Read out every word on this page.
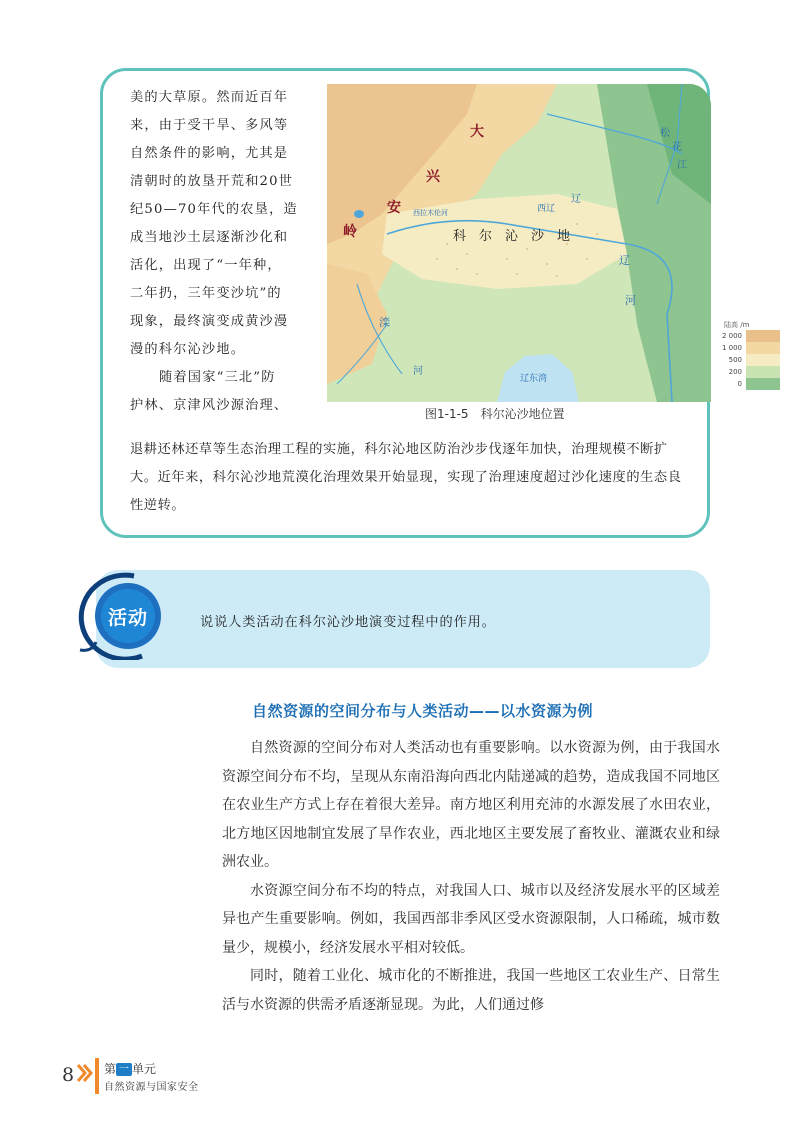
大
兴
安
岭	科　尔　沁　沙　地
西拉木伦河	西辽
辽东湾
松
花
江
辽
辽
河
滦
河
陆高 /m
2 000
1 000
500
200
0
图1-1-5　科尔沁沙地位置

美的大草原。然而近百年

来，由于受干旱、多风等

自然条件的影响，尤其是

清朝时的放垦开荒和20世

纪50—70年代的农垦，造

成当地沙土层逐渐沙化和

活化，出现了“一年种，

二年扔，三年变沙坑”的

现象，最终演变成黄沙漫

漫的科尔沁沙地。

随着国家“三北”防

护林、京津风沙源治理、

退耕还林还草等生态治理工程的实施，科尔沁地区防治沙步伐逐年加快，治理规模不断扩大。近年来，科尔沁沙地荒漠化治理效果开始显现，实现了治理速度超过沙化速度的生态良性逆转。
活动	说说人类活动在科尔沁沙地演变过程中的作用。
自然资源的空间分布与人类活动——以水资源为例

自然资源的空间分布对人类活动也有重要影响。以水资源为例，由于我国水资源空间分布不均，呈现从东南沿海向西北内陆递减的趋势，造成我国不同地区在农业生产方式上存在着很大差异。南方地区利用充沛的水源发展了水田农业，北方地区因地制宜发展了旱作农业，西北地区主要发展了畜牧业、灌溉农业和绿洲农业。

水资源空间分布不均的特点，对我国人口、城市以及经济发展水平的区域差异也产生重要影响。例如，我国西部非季风区受水资源限制，人口稀疏，城市数量少，规模小，经济发展水平相对较低。

同时，随着工业化、城市化的不断推进，我国一些地区工农业生产、日常生活与水资源的供需矛盾逐渐显现。为此，人们通过修

8 第 一 单元
自然资源与国家安全
